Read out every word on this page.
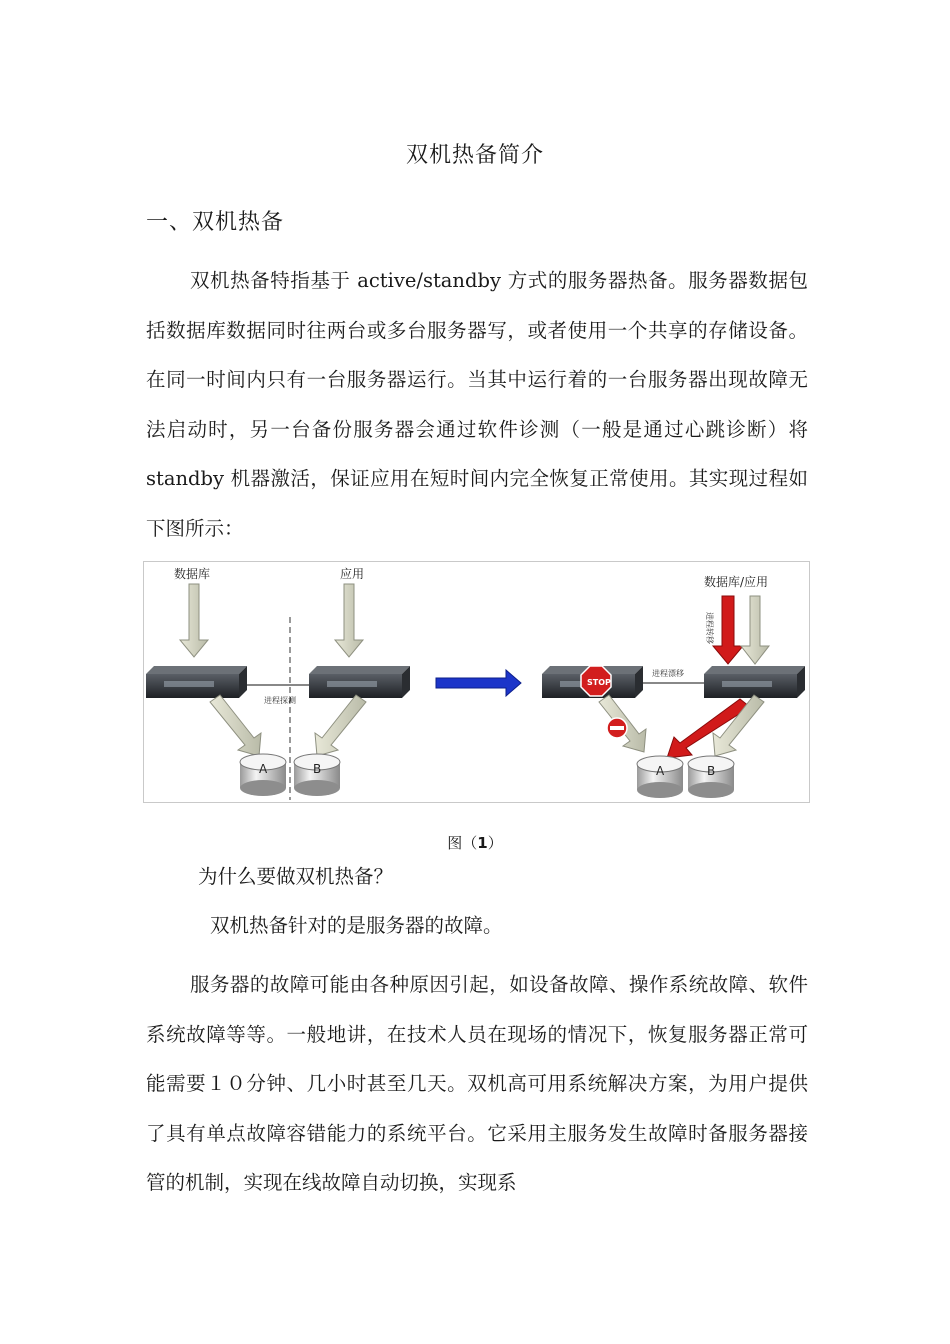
双机热备简介
一、双机热备
双机热备特指基于 active/standby 方式的服务器热备。服务器数据包括数据库数据同时往两台或多台服务器写，或者使用一个共享的存储设备。在同一时间内只有一台服务器运行。当其中运行着的一台服务器出现故障无法启动时，另一台备份服务器会通过软件诊测（一般是通过心跳诊断）将 standby 机器激活，保证应用在短时间内完全恢复正常使用。其实现过程如下图所示：
数据库	应用
数据库/应用
进程探测
A	B
STOP
进程漂移
进程转移
A	B
图（1）
为什么要做双机热备？
双机热备针对的是服务器的故障。
服务器的故障可能由各种原因引起，如设备故障、操作系统故障、软件系统故障等等。一般地讲，在技术人员在现场的情况下，恢复服务器正常可能需要１０分钟、几小时甚至几天。双机高可用系统解决方案，为用户提供了具有单点故障容错能力的系统平台。它采用主服务发生故障时备服务器接管的机制，实现在线故障自动切换，实现系
